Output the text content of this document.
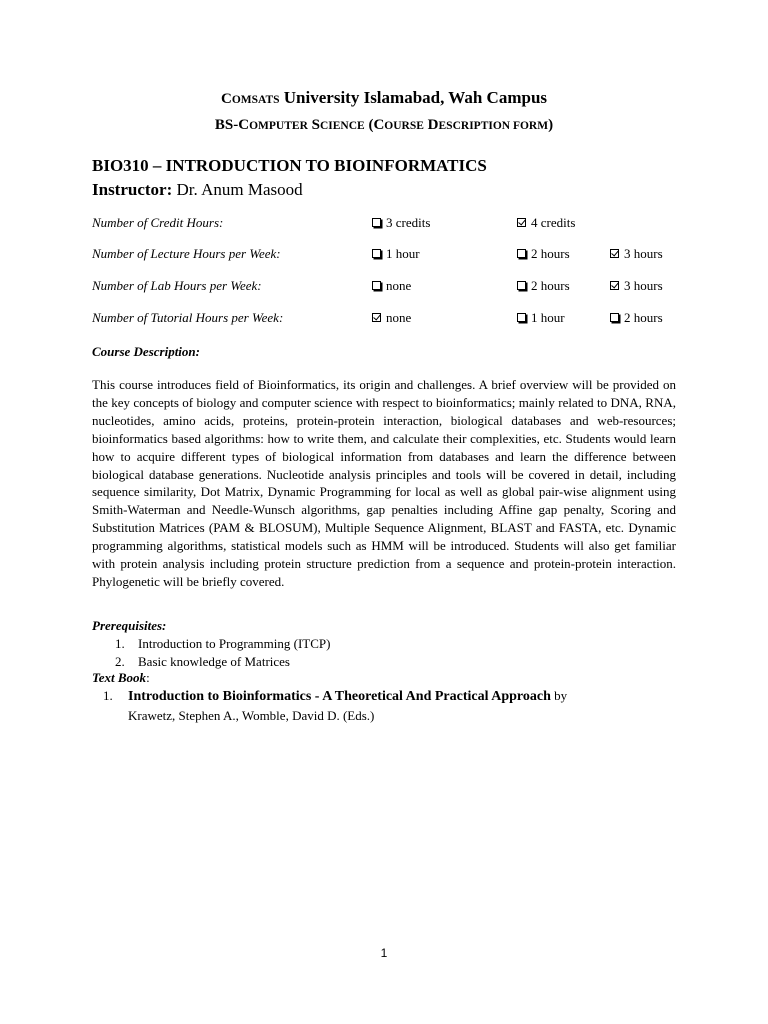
COMSATS University Islamabad, Wah Campus
BS-COMPUTER SCIENCE (COURSE DESCRIPTION FORM)
BIO310 – INTRODUCTION TO BIOINFORMATICS
Instructor: Dr. Anum Masood
Number of Credit Hours:	3 credits	4 credits
Number of Lecture Hours per Week:	1 hour	2 hours	3 hours
Number of Lab Hours per Week:	none	2 hours	3 hours
Number of Tutorial Hours per Week:	none	1 hour	2 hours
Course Description:
This course introduces field of Bioinformatics, its origin and challenges. A brief overview will be provided on the key concepts of biology and computer science with respect to bioinformatics; mainly related to DNA, RNA, nucleotides, amino acids, proteins, protein-protein interaction, biological databases and web-resources; bioinformatics based algorithms: how to write them, and calculate their complexities, etc. Students would learn how to acquire different types of biological information from databases and learn the difference between biological database generations. Nucleotide analysis principles and tools will be covered in detail, including sequence similarity, Dot Matrix, Dynamic Programming for local as well as global pair-wise alignment using Smith-Waterman and Needle-Wunsch algorithms, gap penalties including Affine gap penalty, Scoring and Substitution Matrices (PAM & BLOSUM), Multiple Sequence Alignment, BLAST and FASTA, etc. Dynamic programming algorithms, statistical models such as HMM will be introduced. Students will also get familiar with protein analysis including protein structure prediction from a sequence and protein-protein interaction. Phylogenetic will be briefly covered.
Prerequisites:
1. Introduction to Programming (ITCP)
2. Basic knowledge of Matrices
Text Book:
1. Introduction to Bioinformatics - A Theoretical And Practical Approach by
Krawetz, Stephen A., Womble, David D. (Eds.)
1
